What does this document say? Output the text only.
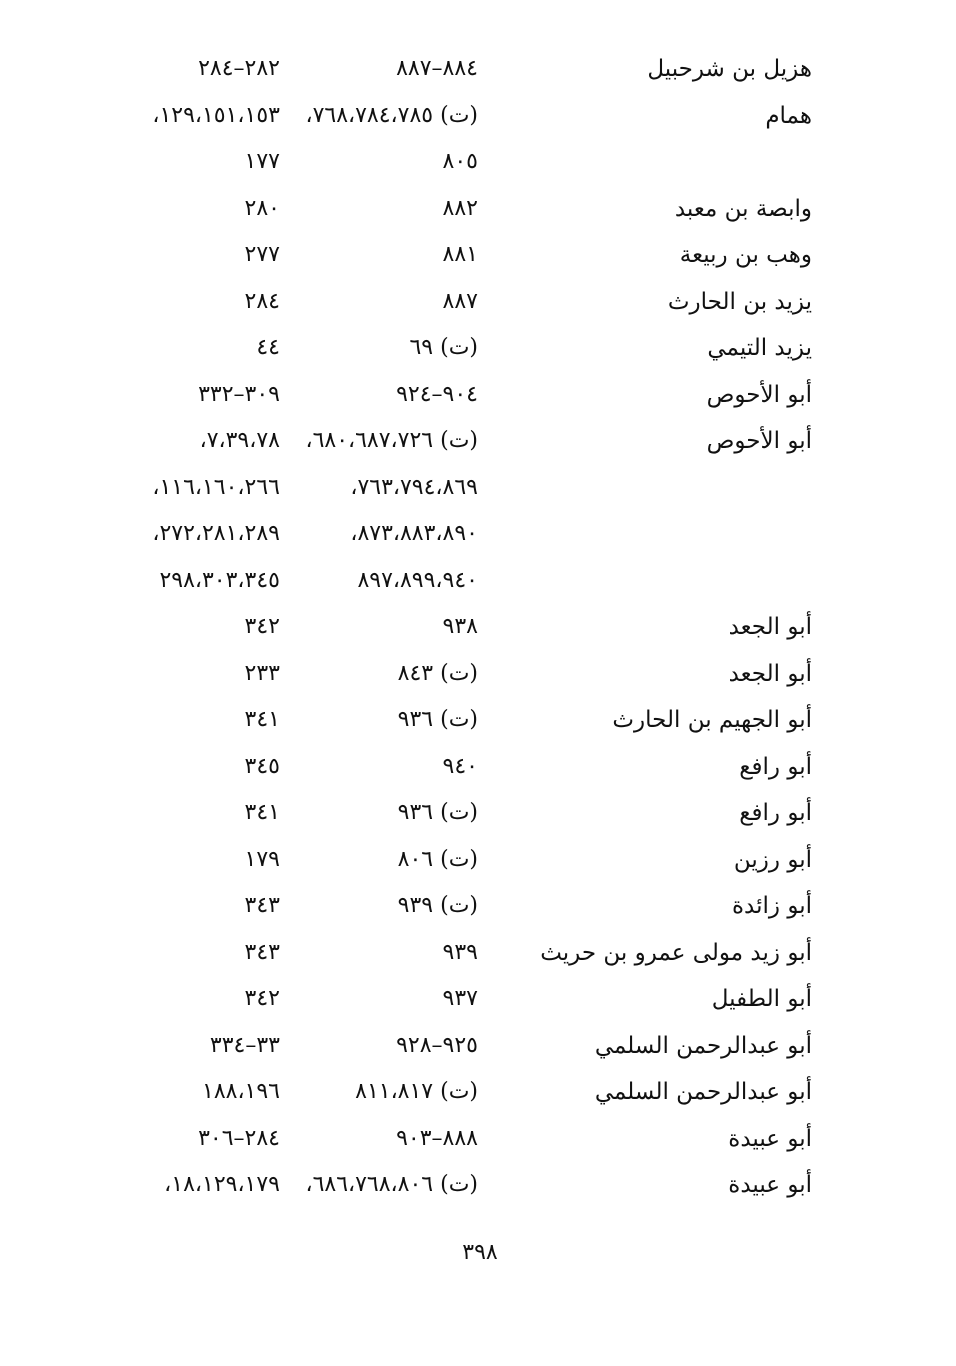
هزيل بن شرحبيل
٨٨٤–٨٨٧
٢٨٢–٢٨٤
همام
(ت) ٧٦٨،٧٨٤،٧٨٥،
١٢٩،١٥١،١٥٣،
٨٠٥
١٧٧
وابصة بن معبد
٨٨٢
٢٨٠
وهب بن ربيعة
٨٨١
٢٧٧
يزيد بن الحارث
٨٨٧
٢٨٤
يزيد التيمي
(ت) ٦٩
٤٤
أبو الأحوص
٩٠٤–٩٢٤
٣٠٩–٣٣٢
أبو الأحوص
(ت) ٦٨٠،٦٨٧،٧٢٦،
٧،٣٩،٧٨،
٧٦٣،٧٩٤،٨٦٩،
١١٦،١٦٠،٢٦٦،
٨٧٣،٨٨٣،٨٩٠،
٢٧٢،٢٨١،٢٨٩،
٨٩٧،٨٩٩،٩٤٠
٢٩٨،٣٠٣،٣٤٥
أبو الجعد
٩٣٨
٣٤٢
أبو الجعد
(ت) ٨٤٣
٢٣٣
أبو الجهيم بن الحارث
(ت) ٩٣٦
٣٤١
أبو رافع
٩٤٠
٣٤٥
أبو رافع
(ت) ٩٣٦
٣٤١
أبو رزين
(ت) ٨٠٦
١٧٩
أبو زائدة
(ت) ٩٣٩
٣٤٣
أبو زيد مولى عمرو بن حريث
٩٣٩
٣٤٣
أبو الطفيل
٩٣٧
٣٤٢
أبو عبدالرحمن السلمي
٩٢٥–٩٢٨
٣٣–٣٣٤
أبو عبدالرحمن السلمي
(ت) ٨١١،٨١٧
١٨٨،١٩٦
أبو عبيدة
٨٨٨–٩٠٣
٢٨٤–٣٠٦
أبو عبيدة
(ت) ٦٨٦،٧٦٨،٨٠٦،
١٨،١٢٩،١٧٩،
٣٩٨
